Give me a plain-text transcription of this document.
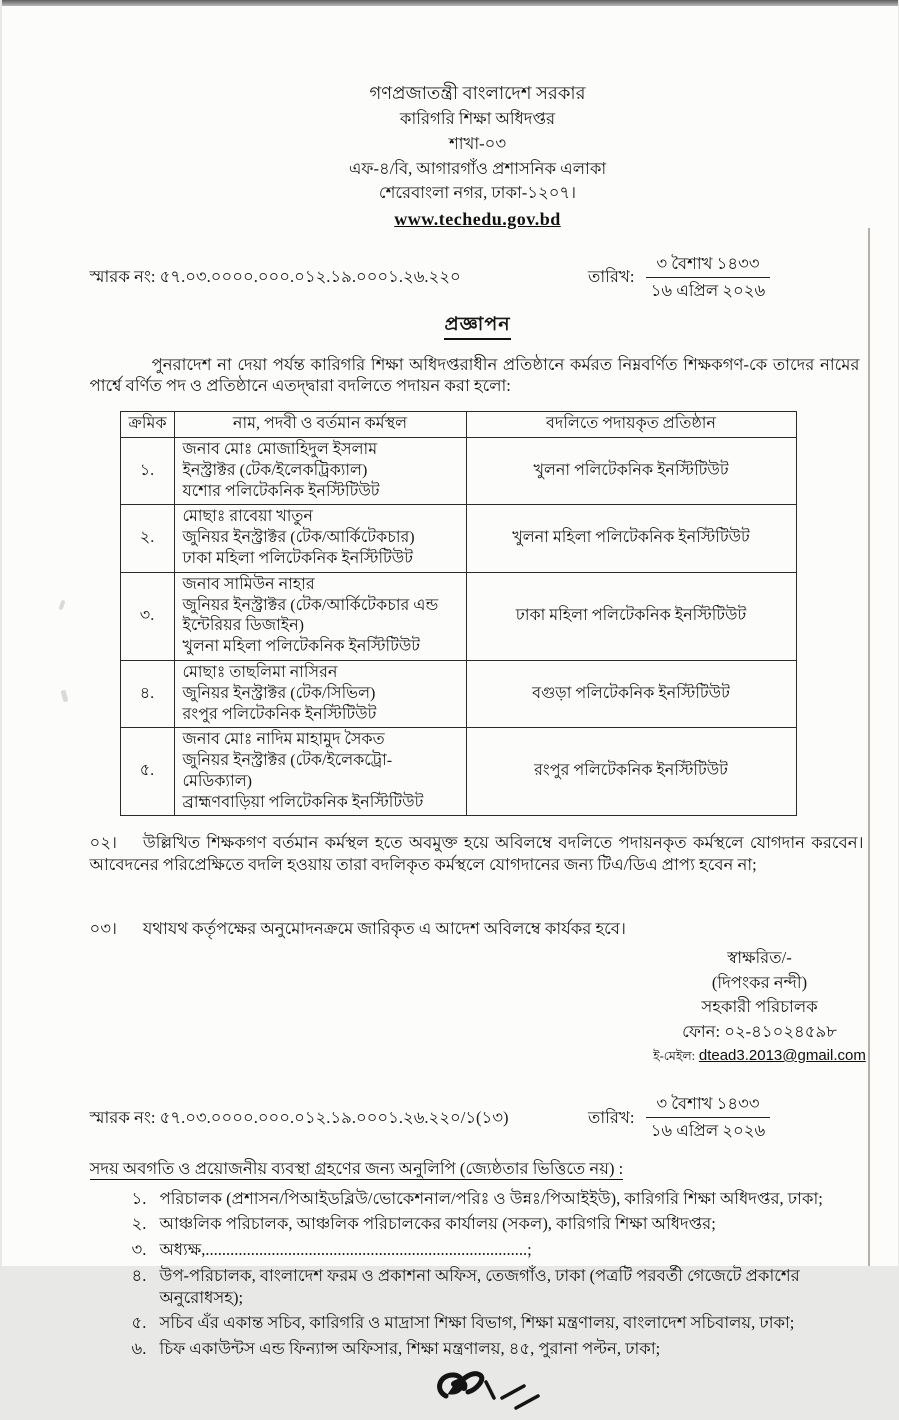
গণপ্রজাতন্ত্রী বাংলাদেশ সরকার
কারিগরি শিক্ষা অধিদপ্তর
শাখা-০৩
এফ-৪/বি, আগারগাঁও প্রশাসনিক এলাকা
শেরেবাংলা নগর, ঢাকা-১২০৭।
www.techedu.gov.bd
স্মারক নং: ৫৭.০৩.০০০০.০০০.০১২.১৯.০০০১.২৬.২২০	তারিখ:
৩ বৈশাখ ১৪৩৩
১৬ এপ্রিল ২০২৬
প্রজ্ঞাপন

পুনরাদেশ না দেয়া পর্যন্ত কারিগরি শিক্ষা অধিদপ্তরাধীন প্রতিষ্ঠানে কর্মরত নিম্নবর্ণিত শিক্ষকগণ-কে তাদের নামের পার্শ্বে বর্ণিত পদ ও প্রতিষ্ঠানে এতদ্দ্বারা বদলিতে পদায়ন করা হলো:

ক্রমিক	নাম, পদবী ও বর্তমান কর্মস্থল	বদলিতে পদায়কৃত প্রতিষ্ঠান
১.	জনাব মোঃ মোজাহিদুল ইসলাম
ইনস্ট্রাক্টর (টেক/ইলেকট্রিক্যাল)
যশোর পলিটেকনিক ইনস্টিটিউট	খুলনা পলিটেকনিক ইনস্টিটিউট
২.	মোছাঃ রাবেয়া খাতুন
জুনিয়র ইনস্ট্রাক্টর (টেক/আর্কিটেকচার)
ঢাকা মহিলা পলিটেকনিক ইনস্টিটিউট	খুলনা মহিলা পলিটেকনিক ইনস্টিটিউট
৩.	জনাব সামিউন নাহার
জুনিয়র ইনস্ট্রাক্টর (টেক/আর্কিটেকচার এন্ড ইন্টেরিয়র ডিজাইন)
খুলনা মহিলা পলিটেকনিক ইনস্টিটিউট	ঢাকা মহিলা পলিটেকনিক ইনস্টিটিউট
৪.	মোছাঃ তাছলিমা নাসিরন
জুনিয়র ইনস্ট্রাক্টর (টেক/সিভিল)
রংপুর পলিটেকনিক ইনস্টিটিউট	বগুড়া পলিটেকনিক ইনস্টিটিউট
৫.	জনাব মোঃ নাদিম মাহামুদ সৈকত
জুনিয়র ইনস্ট্রাক্টর (টেক/ইলেকট্রো-মেডিক্যাল)
ব্রাহ্মণবাড়িয়া পলিটেকনিক ইনস্টিটিউট	রংপুর পলিটেকনিক ইনস্টিটিউট

০২। উল্লিখিত শিক্ষকগণ বর্তমান কর্মস্থল হতে অবমুক্ত হয়ে অবিলম্বে বদলিতে পদায়নকৃত কর্মস্থলে যোগদান করবেন। আবেদনের পরিপ্রেক্ষিতে বদলি হওয়ায় তারা বদলিকৃত কর্মস্থলে যোগদানের জন্য টিএ/ডিএ প্রাপ্য হবেন না;

০৩। যথাযথ কর্তৃপক্ষের অনুমোদনক্রমে জারিকৃত এ আদেশ অবিলম্বে কার্যকর হবে।

স্বাক্ষরিত/-
(দিপংকর নন্দী)
সহকারী পরিচালক
ফোন: ০২-৪১০২৪৫৯৮
ই-মেইল: dtead3.2013@gmail.com
স্মারক নং: ৫৭.০৩.০০০০.০০০.০১২.১৯.০০০১.২৬.২২০/১(১৩)	তারিখ:
৩ বৈশাখ ১৪৩৩
১৬ এপ্রিল ২০২৬
সদয় অবগতি ও প্রয়োজনীয় ব্যবস্থা গ্রহণের জন্য অনুলিপি (জ্যেষ্ঠতার ভিত্তিতে নয়) :
১. পরিচালক (প্রশাসন/পিআইডব্লিউ/ভোকেশনাল/পরিঃ ও উন্নঃ/পিআইইউ), কারিগরি শিক্ষা অধিদপ্তর, ঢাকা;
২. আঞ্চলিক পরিচালক, আঞ্চলিক পরিচালকের কার্যালয় (সকল), কারিগরি শিক্ষা অধিদপ্তর;
৩. অধ্যক্ষ,..............................................................................;
৪. উপ-পরিচালক, বাংলাদেশ ফরম ও প্রকাশনা অফিস, তেজগাঁও, ঢাকা (পত্রটি পরবর্তী গেজেটে প্রকাশের অনুরোধসহ);
৫. সচিব এঁর একান্ত সচিব, কারিগরি ও মাদ্রাসা শিক্ষা বিভাগ, শিক্ষা মন্ত্রণালয়, বাংলাদেশ সচিবালয়, ঢাকা;
৬. চিফ একাউন্টস এন্ড ফিন্যান্স অফিসার, শিক্ষা মন্ত্রণালয়, ৪৫, পুরানা পল্টন, ঢাকা;
